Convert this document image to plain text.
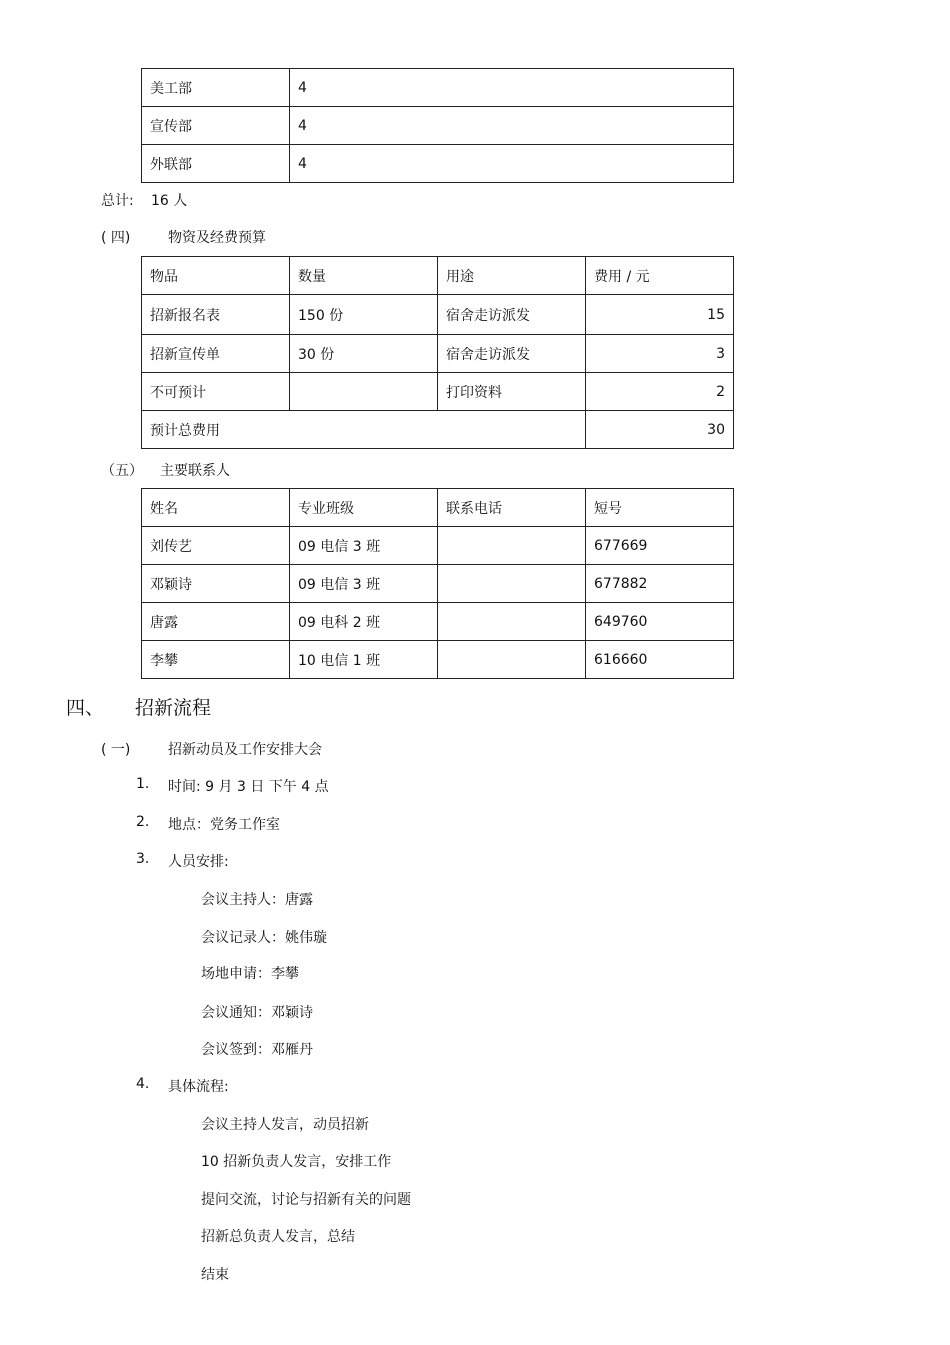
美工部	4
宣传部	4
外联部	4
总计: 16 人
( 四)	物资及经费预算
物品	数量	用途	费用 / 元
招新报名表	150 份	宿舍走访派发	15
招新宣传单	30 份	宿舍走访派发	3
不可预计		打印资料	2
预计总费用			30
（五） 主要联系人
姓名	专业班级	联系电话	短号
刘传艺	09 电信 3 班		677669
邓颖诗	09 电信 3 班		677882
唐露	09 电科 2 班		649760
李攀	10 电信 1 班		616660
四、 招新流程
( 一)	招新动员及工作安排大会
1. 时间: 9 月 3 日 下午 4 点
2. 地点：党务工作室
3. 人员安排:
会议主持人：唐露
会议记录人：姚伟璇
场地申请：李攀
会议通知：邓颖诗
会议签到：邓雁丹
4. 具体流程:
会议主持人发言，动员招新
10 招新负责人发言，安排工作
提问交流，讨论与招新有关的问题
招新总负责人发言，总结
结束
